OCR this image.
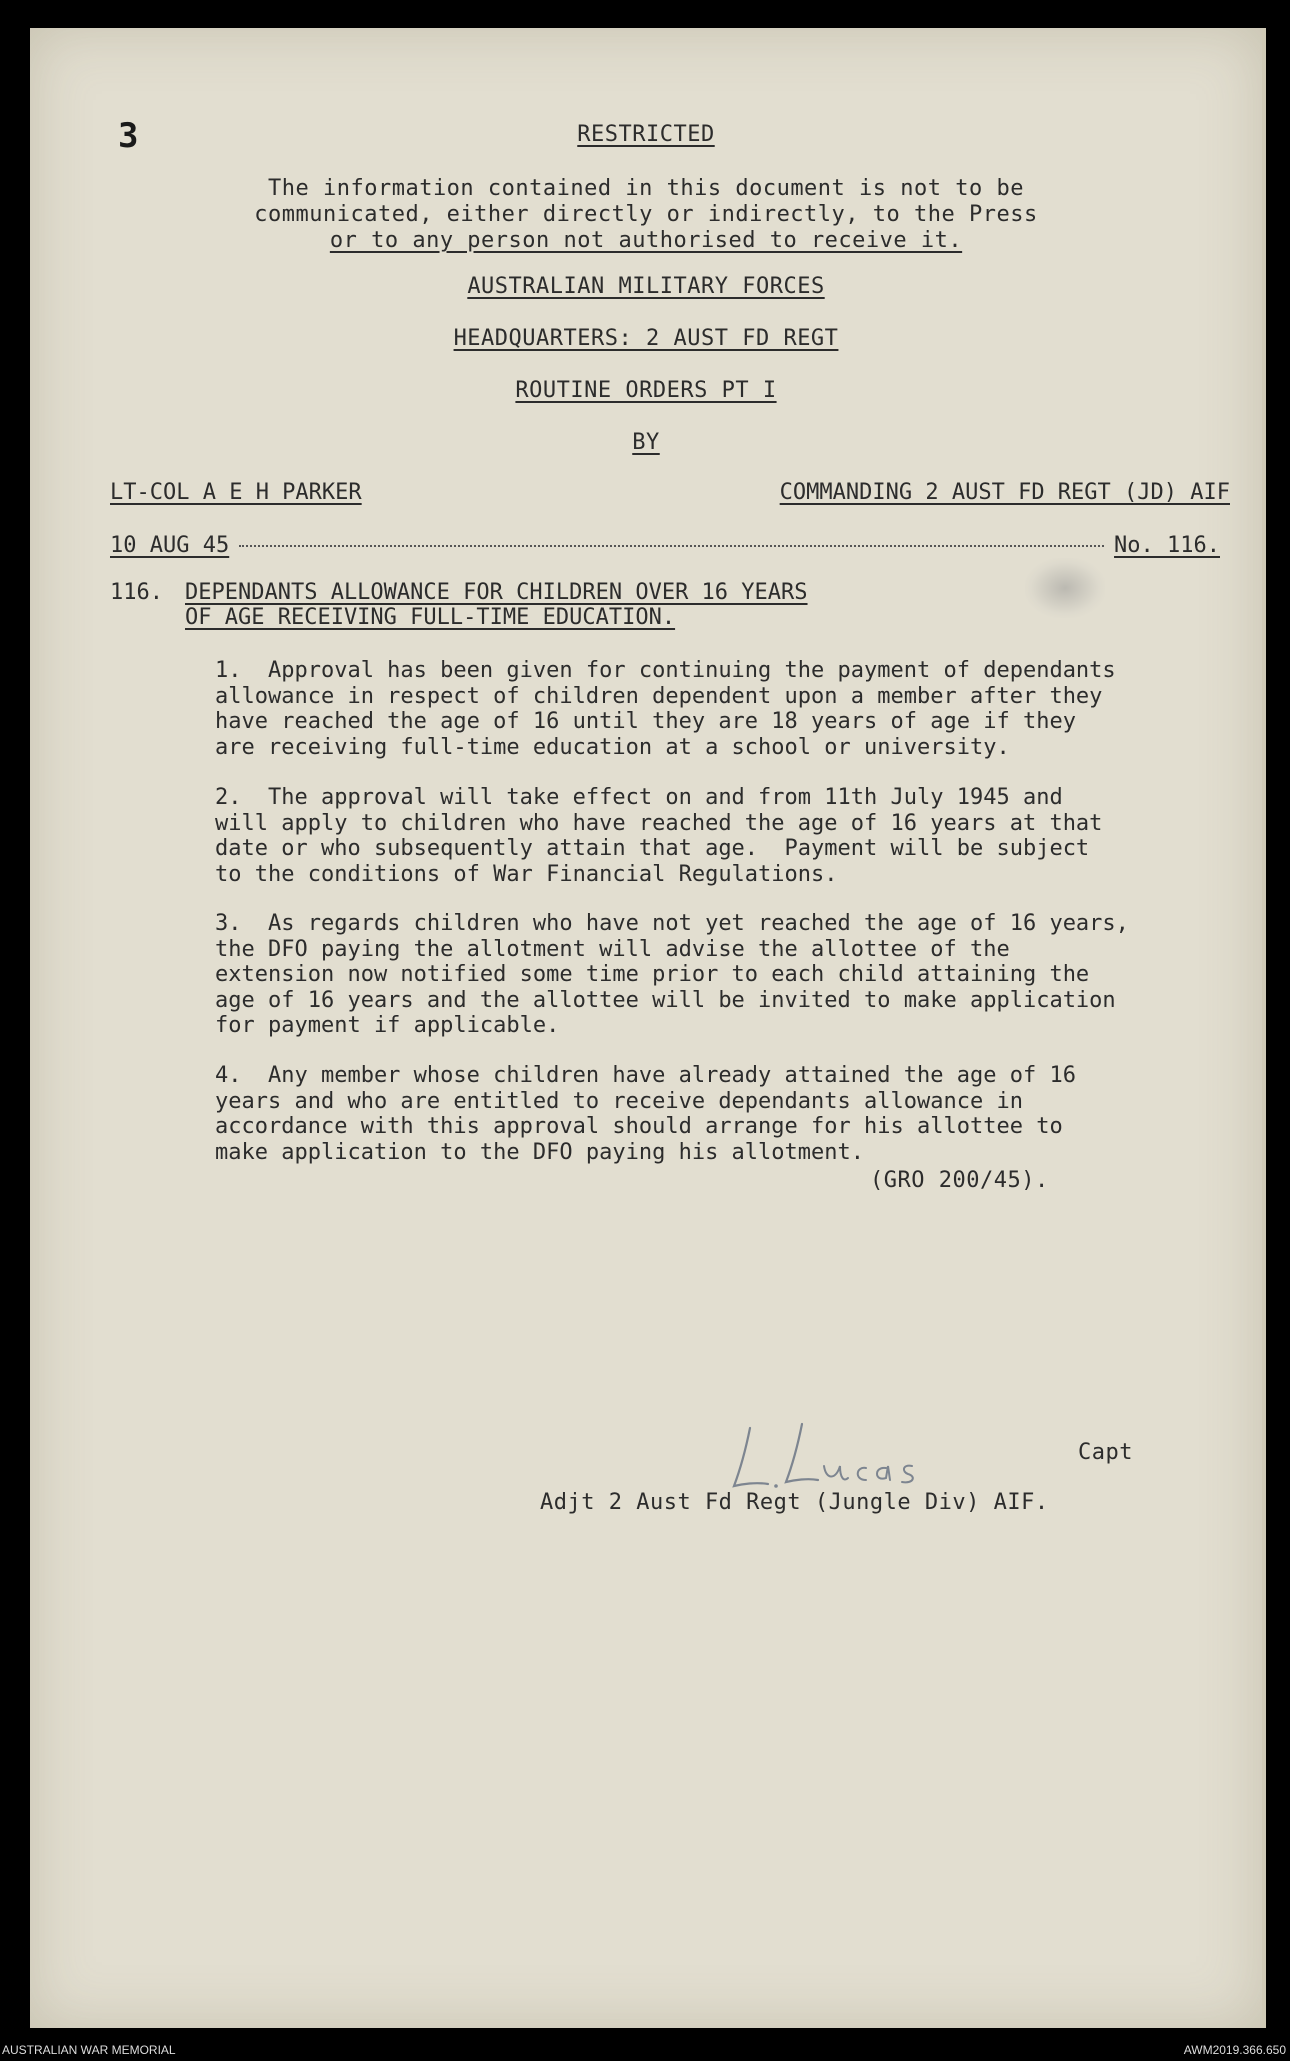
3	RESTRICTED
The information contained in this document is not to be
communicated, either directly or indirectly, to the Press
or to any person not authorised to receive it.
AUSTRALIAN MILITARY FORCES
HEADQUARTERS: 2 AUST FD REGT
ROUTINE ORDERS PT I
BY
LT-COL A E H PARKER	COMMANDING 2 AUST FD REGT (JD) AIF
10 AUG 45	No. 116.
116. DEPENDANTS ALLOWANCE FOR CHILDREN OVER 16 YEARS
OF AGE RECEIVING FULL-TIME EDUCATION.
1.  Approval has been given for continuing the payment of dependants
allowance in respect of children dependent upon a member after they
have reached the age of 16 until they are 18 years of age if they
are receiving full-time education at a school or university.
2.  The approval will take effect on and from 11th July 1945 and
will apply to children who have reached the age of 16 years at that
date or who subsequently attain that age.  Payment will be subject
to the conditions of War Financial Regulations.
3.  As regards children who have not yet reached the age of 16 years,
the DFO paying the allotment will advise the allottee of the
extension now notified some time prior to each child attaining the
age of 16 years and the allottee will be invited to make application
for payment if applicable.
4.  Any member whose children have already attained the age of 16
years and who are entitled to receive dependants allowance in
accordance with this approval should arrange for his allottee to
make application to the DFO paying his allotment.
(GRO 200/45).
Capt
Adjt 2 Aust Fd Regt (Jungle Div) AIF.
AUSTRALIAN WAR MEMORIAL	AWM2019.366.650
